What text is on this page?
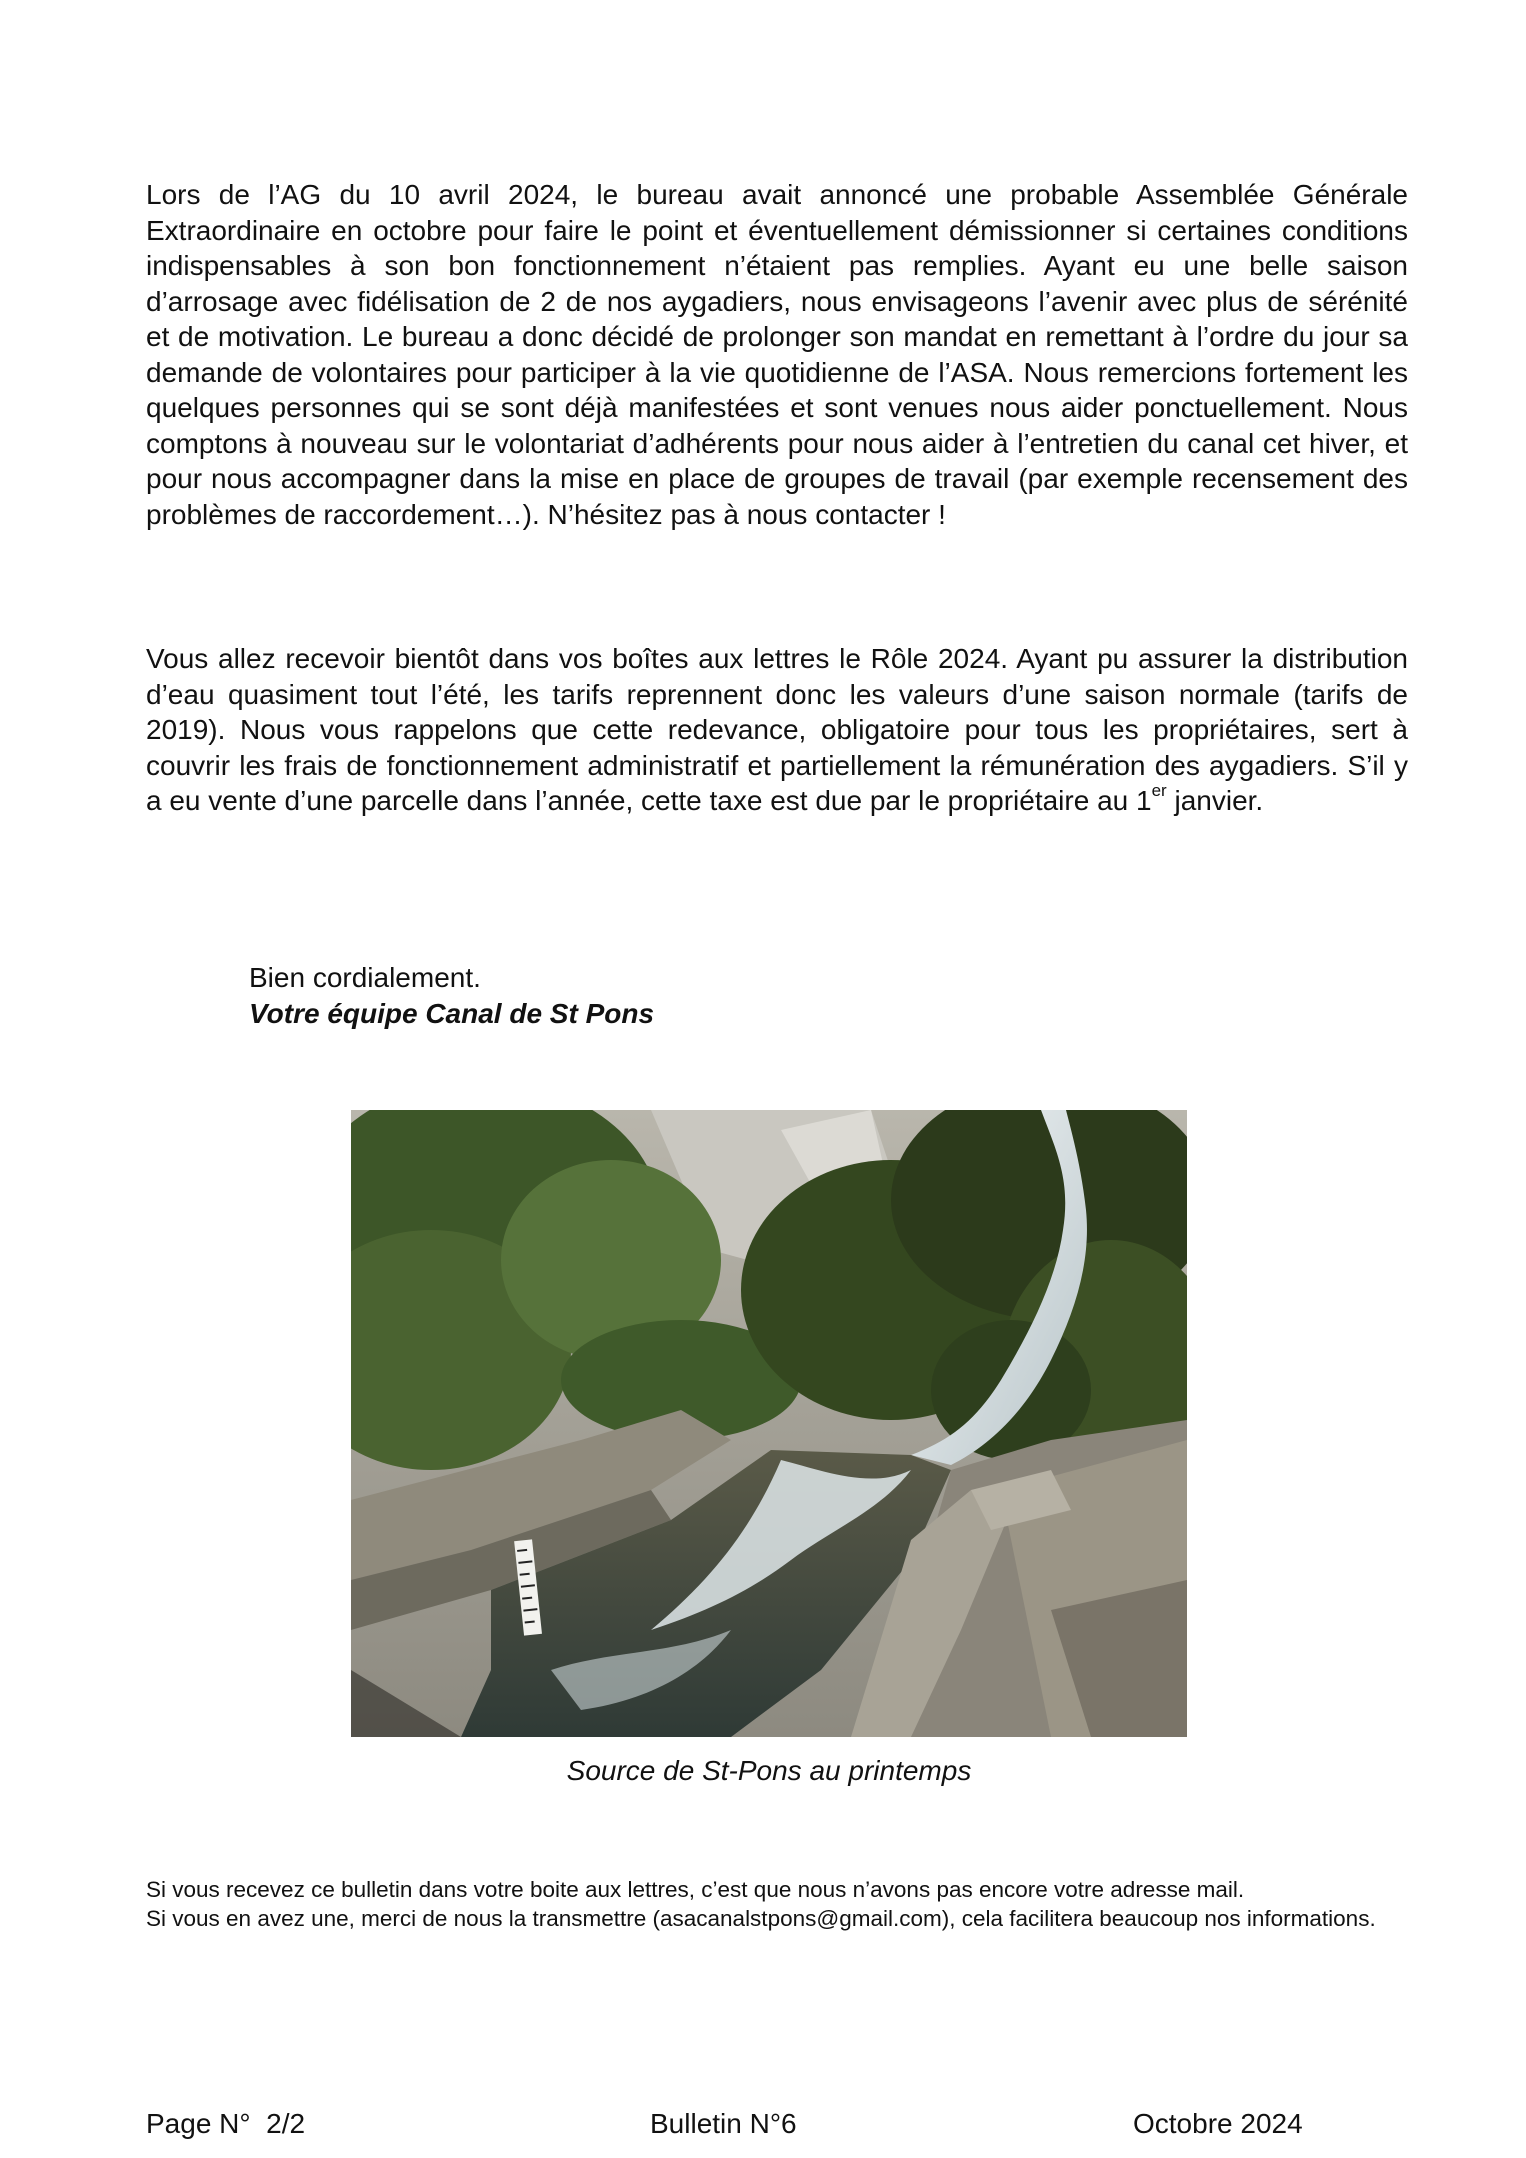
Lors de l’AG du 10 avril 2024, le bureau avait annoncé une probable Assemblée Générale Extraordinaire en octobre pour faire le point et éventuellement démissionner si certaines conditions indispensables à son bon fonctionnement n’étaient pas remplies. Ayant eu une belle saison d’arrosage avec fidélisation de 2 de nos aygadiers, nous envisageons l’avenir avec plus de sérénité et de motivation. Le bureau a donc décidé de prolonger son mandat en remettant à l’ordre du jour sa demande de volontaires pour participer à la vie quotidienne de l’ASA. Nous remercions fortement les quelques personnes qui se sont déjà manifestées et sont venues nous aider ponctuellement. Nous comptons à nouveau sur le volontariat d’adhérents pour nous aider à l’entretien du canal cet hiver, et pour nous accompagner dans la mise en place de groupes de travail (par exemple recensement des problèmes de raccordement…). N’hésitez pas à nous contacter !

Vous allez recevoir bientôt dans vos boîtes aux lettres le Rôle 2024. Ayant pu assurer la distribution d’eau quasiment tout l’été, les tarifs reprennent donc les valeurs d’une saison normale (tarifs de 2019). Nous vous rappelons que cette redevance, obligatoire pour tous les propriétaires, sert à couvrir les frais de fonctionnement administratif et partiellement la rémunération des aygadiers. S’il y a eu vente d’une parcelle dans l’année, cette taxe est due par le propriétaire au 1er janvier.

Bien cordialement.
Votre équipe Canal de St Pons
Source de St-Pons au printemps
Si vous recevez ce bulletin dans votre boite aux lettres, c’est que nous n’avons pas encore votre adresse mail.
Si vous en avez une, merci de nous la transmettre (asacanalstpons@gmail.com), cela facilitera beaucoup nos informations.
Page N°  2/2	Bulletin N°6	Octobre 2024
